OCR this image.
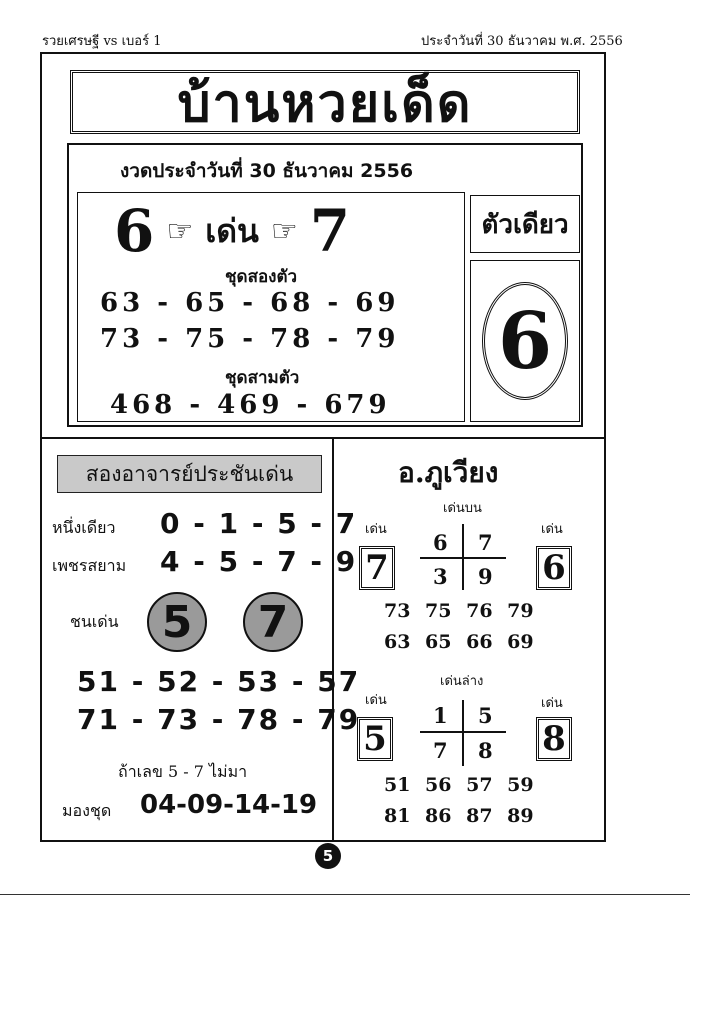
รวยเศรษฐี vs เบอร์ 1	ประจำวันที่ 30 ธันวาคม พ.ศ. 2556
บ้านหวยเด็ด
งวดประจำวันที่ 30 ธันวาคม 2556
6 ☞ เด่น ☞ 7
ชุดสองตัว
63 - 65 - 68 - 69
73 - 75 - 78 - 79
ชุดสามตัว
468 - 469 - 679
ตัวเดียว
6
สองอาจารย์ประชันเด่น
หนึ่งเดียว 0 - 1 - 5 - 7
เพชรสยาม 4 - 5 - 7 - 9
ชนเด่น 5	7
51 - 52 - 53 - 57
71 - 73 - 78 - 79
ถ้าเลข 5 - 7 ไม่มา
มองชุด 04-09-14-19
อ.ภูเวียง
เด่นบน
เด่น	เด่น
7	6
6 7
3 9
73 75 76 79
63 65 66 69
เด่นล่าง
เด่น	เด่น
5	8
1 5
7 8
51 56 57 59
81 86 87 89
5
